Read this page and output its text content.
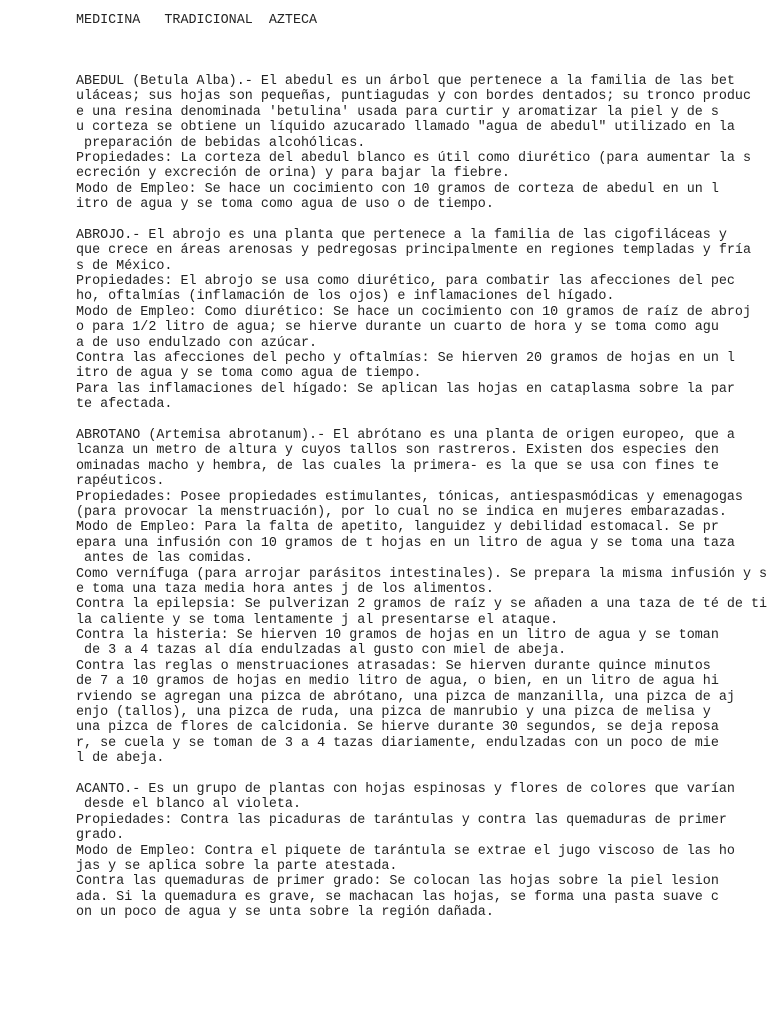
MEDICINA   TRADICIONAL  AZTECA
ABEDUL (Betula Alba).- El abedul es un árbol que pertenece a la familia de las bet
uláceas; sus hojas son pequeñas, puntiagudas y con bordes dentados; su tronco produc
e una resina denominada 'betulina' usada para curtir y aromatizar la piel y de s
u corteza se obtiene un líquido azucarado llamado "agua de abedul" utilizado en la
preparación de bebidas alcohólicas.
Propiedades: La corteza del abedul blanco es útil como diurético (para aumentar la s
ecreción y excreción de orina) y para bajar la fiebre.
Modo de Empleo: Se hace un cocimiento con 10 gramos de corteza de abedul en un l
itro de agua y se toma como agua de uso o de tiempo.
ABROJO.- El abrojo es una planta que pertenece a la familia de las cigofiláceas y
que crece en áreas arenosas y pedregosas principalmente en regiones templadas y fría
s de México.
Propiedades: El abrojo se usa como diurético, para combatir las afecciones del pec
ho, oftalmías (inflamación de los ojos) e inflamaciones del hígado.
Modo de Empleo: Como diurético: Se hace un cocimiento con 10 gramos de raíz de abroj
o para 1/2 litro de agua; se hierve durante un cuarto de hora y se toma como agu
a de uso endulzado con azúcar.
Contra las afecciones del pecho y oftalmías: Se hierven 20 gramos de hojas en un l
itro de agua y se toma como agua de tiempo.
Para las inflamaciones del hígado: Se aplican las hojas en cataplasma sobre la par
te afectada.
ABROTANO (Artemisa abrotanum).- El abrótano es una planta de origen europeo, que a
lcanza un metro de altura y cuyos tallos son rastreros. Existen dos especies den
ominadas macho y hembra, de las cuales la primera- es la que se usa con fines te
rapéuticos.
Propiedades: Posee propiedades estimulantes, tónicas, antiespasmódicas y emenagogas
(para provocar la menstruación), por lo cual no se indica en mujeres embarazadas.
Modo de Empleo: Para la falta de apetito, languidez y debilidad estomacal. Se pr
epara una infusión con 10 gramos de t hojas en un litro de agua y se toma una taza
antes de las comidas.
Como vernífuga (para arrojar parásitos intestinales). Se prepara la misma infusión y s
e toma una taza media hora antes j de los alimentos.
Contra la epilepsia: Se pulverizan 2 gramos de raíz y se añaden a una taza de té de ti
la caliente y se toma lentamente j al presentarse el ataque.
Contra la histeria: Se hierven 10 gramos de hojas en un litro de agua y se toman
de 3 a 4 tazas al día endulzadas al gusto con miel de abeja.
Contra las reglas o menstruaciones atrasadas: Se hierven durante quince minutos
de 7 a 10 gramos de hojas en medio litro de agua, o bien, en un litro de agua hi
rviendo se agregan una pizca de abrótano, una pizca de manzanilla, una pizca de aj
enjo (tallos), una pizca de ruda, una pizca de manrubio y una pizca de melisa y
una pizca de flores de calcidonia. Se hierve durante 30 segundos, se deja reposa
r, se cuela y se toman de 3 a 4 tazas diariamente, endulzadas con un poco de mie
l de abeja.
ACANTO.- Es un grupo de plantas con hojas espinosas y flores de colores que varían
desde el blanco al violeta.
Propiedades: Contra las picaduras de tarántulas y contra las quemaduras de primer
grado.
Modo de Empleo: Contra el piquete de tarántula se extrae el jugo viscoso de las ho
jas y se aplica sobre la parte atestada.
Contra las quemaduras de primer grado: Se colocan las hojas sobre la piel lesion
ada. Si la quemadura es grave, se machacan las hojas, se forma una pasta suave c
on un poco de agua y se unta sobre la región dañada.
